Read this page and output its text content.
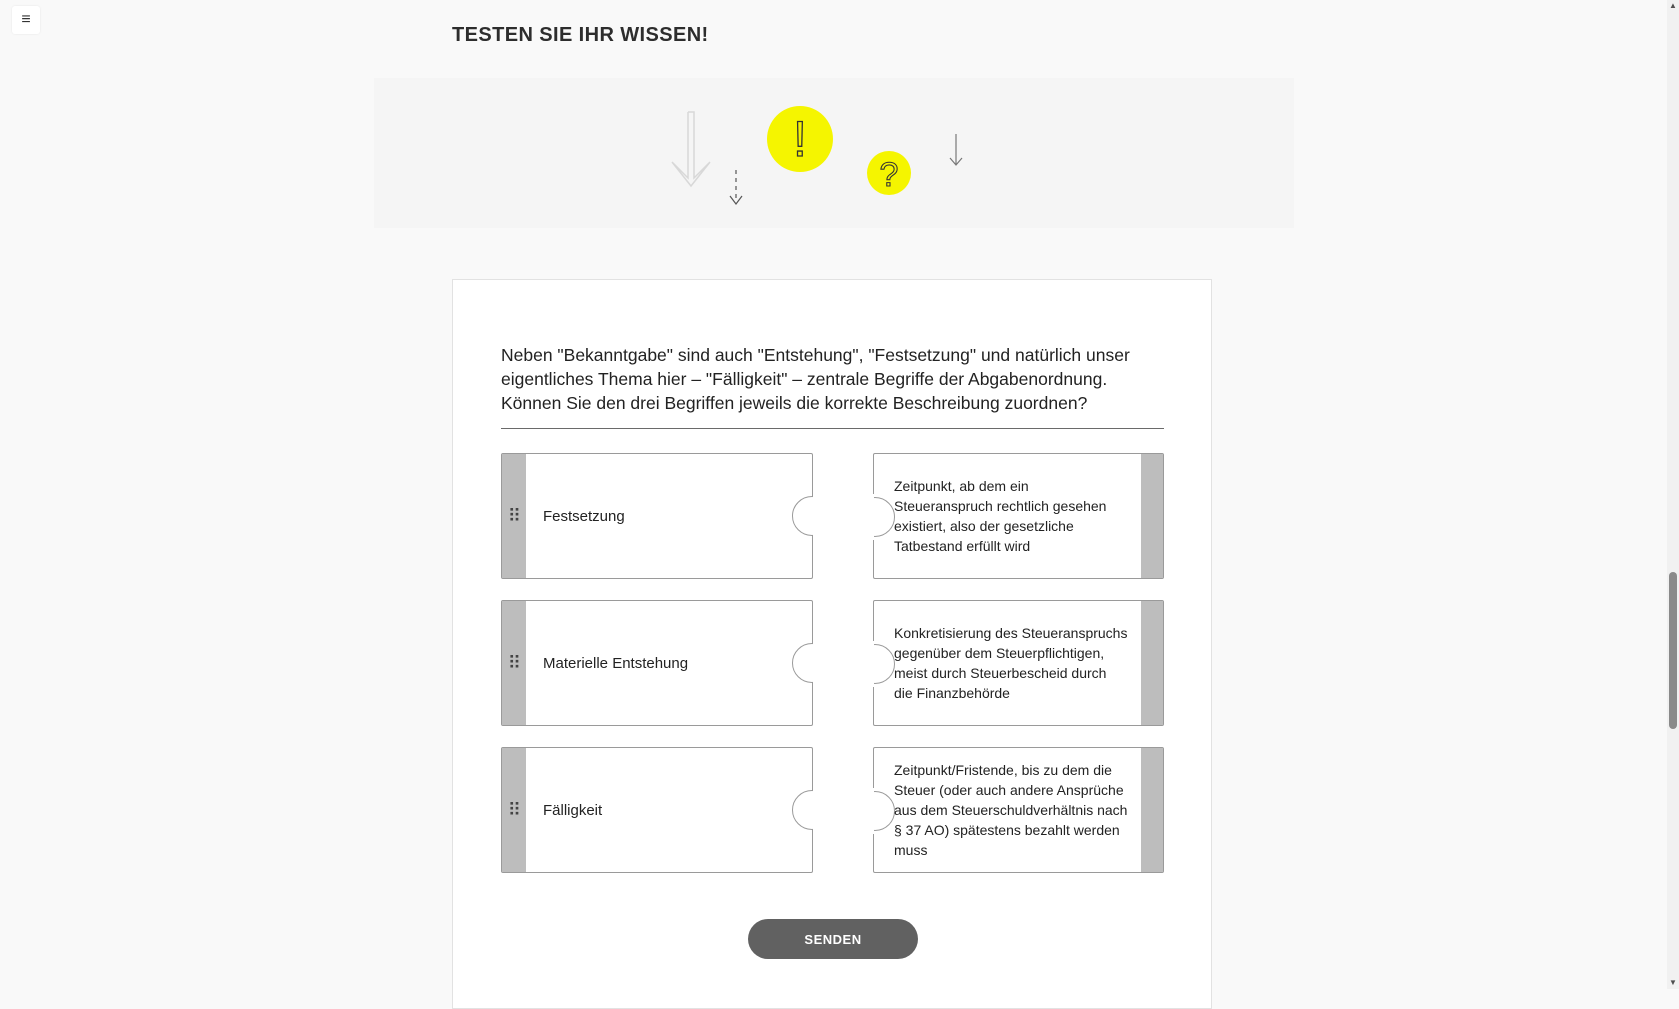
≡
TESTEN SIE IHR WISSEN!
!
?

Neben "Bekanntgabe" sind auch "Entstehung", "Festsetzung" und natürlich unser eigentliches Thema hier – "Fälligkeit" – zentrale Begriffe der Abgabenordnung. Können Sie den drei Begriffen jeweils die korrekte Beschreibung zuordnen?

⠿	Festsetzung

Zeitpunkt, ab dem ein Steueranspruch rechtlich gesehen existiert, also der gesetzliche Tatbestand erfüllt wird

⠿	Materielle Entstehung

Konkretisierung des Steueranspruchs gegenüber dem Steuerpflichtigen, meist durch Steuerbescheid durch die Finanzbehörde

⠿	Fälligkeit

Zeitpunkt/Fristende, bis zu dem die Steuer (oder auch andere Ansprüche aus dem Steuerschuldverhältnis nach § 37 AO) spätestens bezahlt werden muss

SENDEN
▲
▼
